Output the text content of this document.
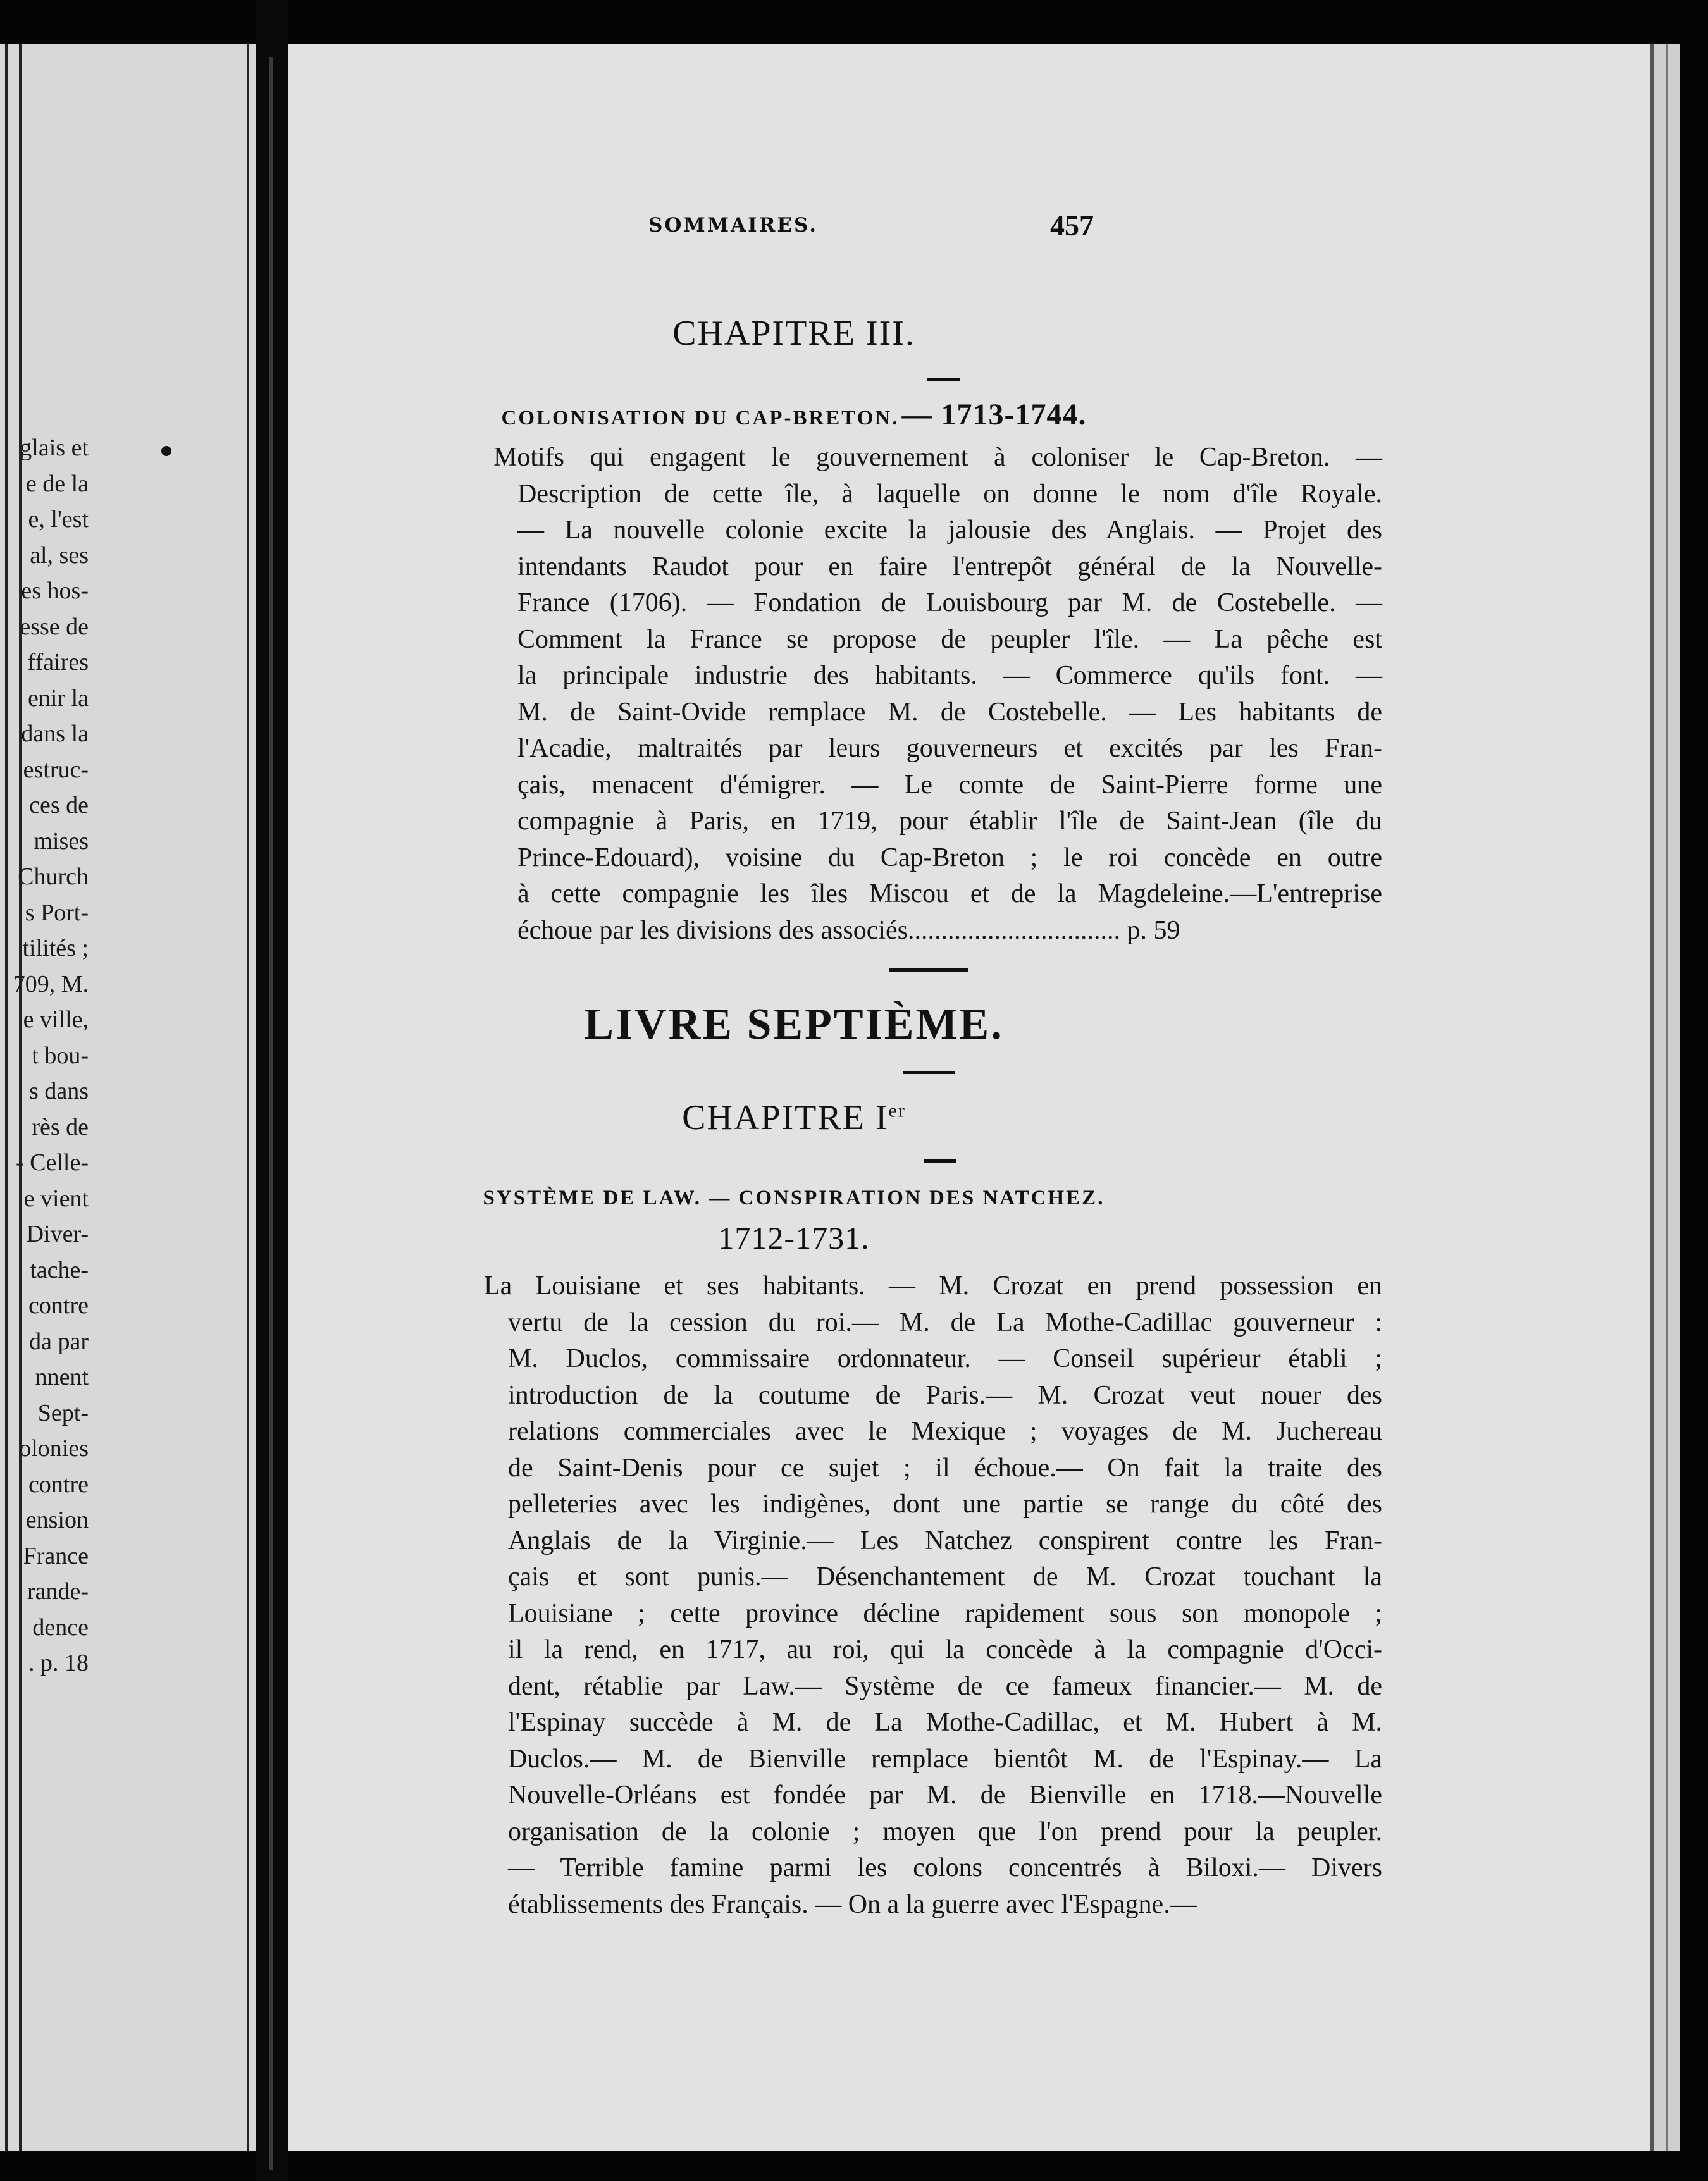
glais et
e de la
e, l'est
al, ses
es hos-
esse de
ffaires
enir la
dans la
estruc-
ces de
mises
Church
s Port-
tilités ;
709, M.
e ville,
t bou-
s dans
rès de
- Celle-
e vient
Diver-
tache-
contre
da par
nnent
Sept-
olonies
contre
ension
France
rande-
dence
. p. 18
SOMMAIRES.	457
CHAPITRE III.
COLONISATION DU CAP-BRETON. — 1713-1744.
Motifs qui engagent le gouvernement à coloniser le Cap-Breton. —
Description de cette île, à laquelle on donne le nom d'île Royale.
— La nouvelle colonie excite la jalousie des Anglais. — Projet des
intendants Raudot pour en faire l'entrepôt général de la Nouvelle-
France (1706). — Fondation de Louisbourg par M. de Costebelle. —
Comment la France se propose de peupler l'île. — La pêche est
la principale industrie des habitants. — Commerce qu'ils font. —
M. de Saint-Ovide remplace M. de Costebelle. — Les habitants de
l'Acadie, maltraités par leurs gouverneurs et excités par les Fran-
çais, menacent d'émigrer. — Le comte de Saint-Pierre forme une
compagnie à Paris, en 1719, pour établir l'île de Saint-Jean (île du
Prince-Edouard), voisine du Cap-Breton ; le roi concède en outre
à cette compagnie les îles Miscou et de la Magdeleine.—L'entreprise
échoue par les divisions des associés................................ p. 59
LIVRE SEPTIÈME.
CHAPITRE Ier
SYSTÈME DE LAW. — CONSPIRATION DES NATCHEZ.
1712-1731.
La Louisiane et ses habitants. — M. Crozat en prend possession en
vertu de la cession du roi.— M. de La Mothe-Cadillac gouverneur :
M. Duclos, commissaire ordonnateur. — Conseil supérieur établi ;
introduction de la coutume de Paris.— M. Crozat veut nouer des
relations commerciales avec le Mexique ; voyages de M. Juchereau
de Saint-Denis pour ce sujet ; il échoue.— On fait la traite des
pelleteries avec les indigènes, dont une partie se range du côté des
Anglais de la Virginie.— Les Natchez conspirent contre les Fran-
çais et sont punis.— Désenchantement de M. Crozat touchant la
Louisiane ; cette province décline rapidement sous son monopole ;
il la rend, en 1717, au roi, qui la concède à la compagnie d'Occi-
dent, rétablie par Law.— Système de ce fameux financier.— M. de
l'Espinay succède à M. de La Mothe-Cadillac, et M. Hubert à M.
Duclos.— M. de Bienville remplace bientôt M. de l'Espinay.— La
Nouvelle-Orléans est fondée par M. de Bienville en 1718.—Nouvelle
organisation de la colonie ; moyen que l'on prend pour la peupler.
— Terrible famine parmi les colons concentrés à Biloxi.— Divers
établissements des Français. — On a la guerre avec l'Espagne.—
